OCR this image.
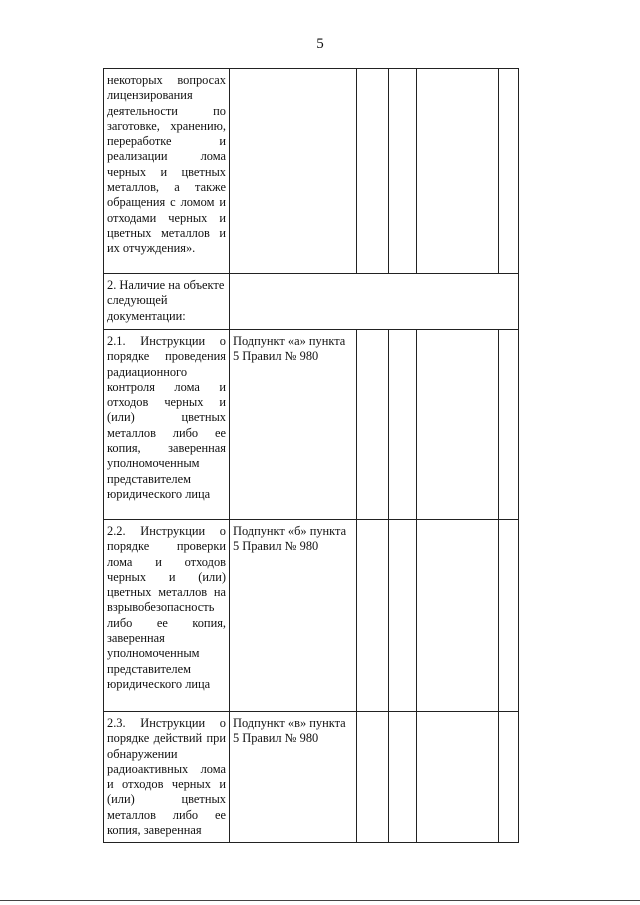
5
некоторых вопросах лицензирования деятельности по заготовке, хранению, переработке и реализации лома черных и цветных металлов, а также обращения с ломом и отходами черных и цветных металлов и их отчуждения».					
2. Наличие на объекте следующей документации:					
2.1. Инструкции о порядке проведения радиационного контроля лома и отходов черных и (или) цветных металлов либо ее копия, заверенная уполномоченным представителем юридического лица	Подпункт «а» пункта 5 Правил № 980				
2.2. Инструкции о порядке проверки лома и отходов черных и (или) цветных металлов на взрывобезопасность либо ее копия, заверенная уполномоченным представителем юридического лица	Подпункт «б» пункта 5 Правил № 980				
2.3. Инструкции о порядке действий при обнаружении радиоактивных лома и отходов черных и (или) цветных металлов либо ее копия, заверенная	Подпункт «в» пункта 5 Правил № 980				
